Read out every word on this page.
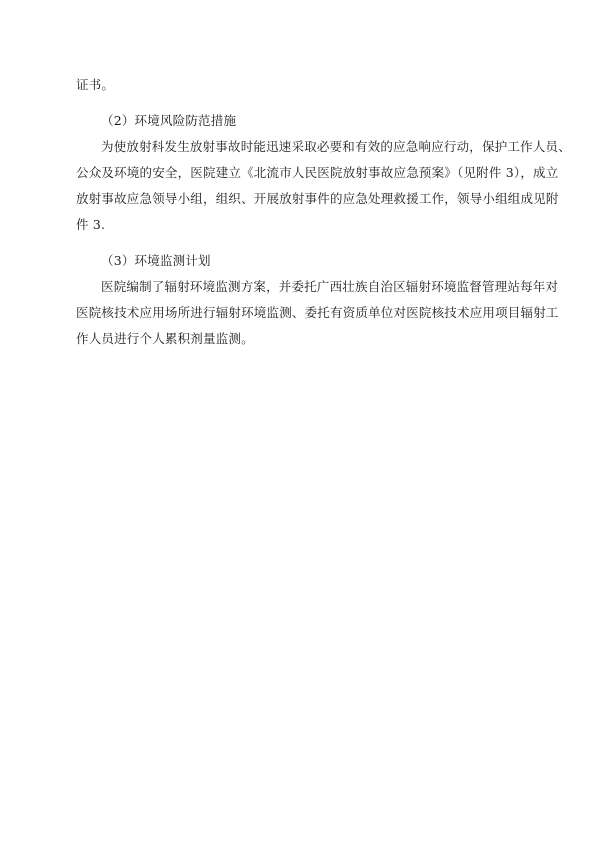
证书。
（2）环境风险防范措施
为使放射科发生放射事故时能迅速采取必要和有效的应急响应行动，保护工作人员、
公众及环境的安全，医院建立《北流市人民医院放射事故应急预案》（见附件 3），成立
放射事故应急领导小组，组织、开展放射事件的应急处理救援工作，领导小组组成见附
件 3.
（3）环境监测计划
医院编制了辐射环境监测方案，并委托广西壮族自治区辐射环境监督管理站每年对
医院核技术应用场所进行辐射环境监测、委托有资质单位对医院核技术应用项目辐射工
作人员进行个人累积剂量监测。
